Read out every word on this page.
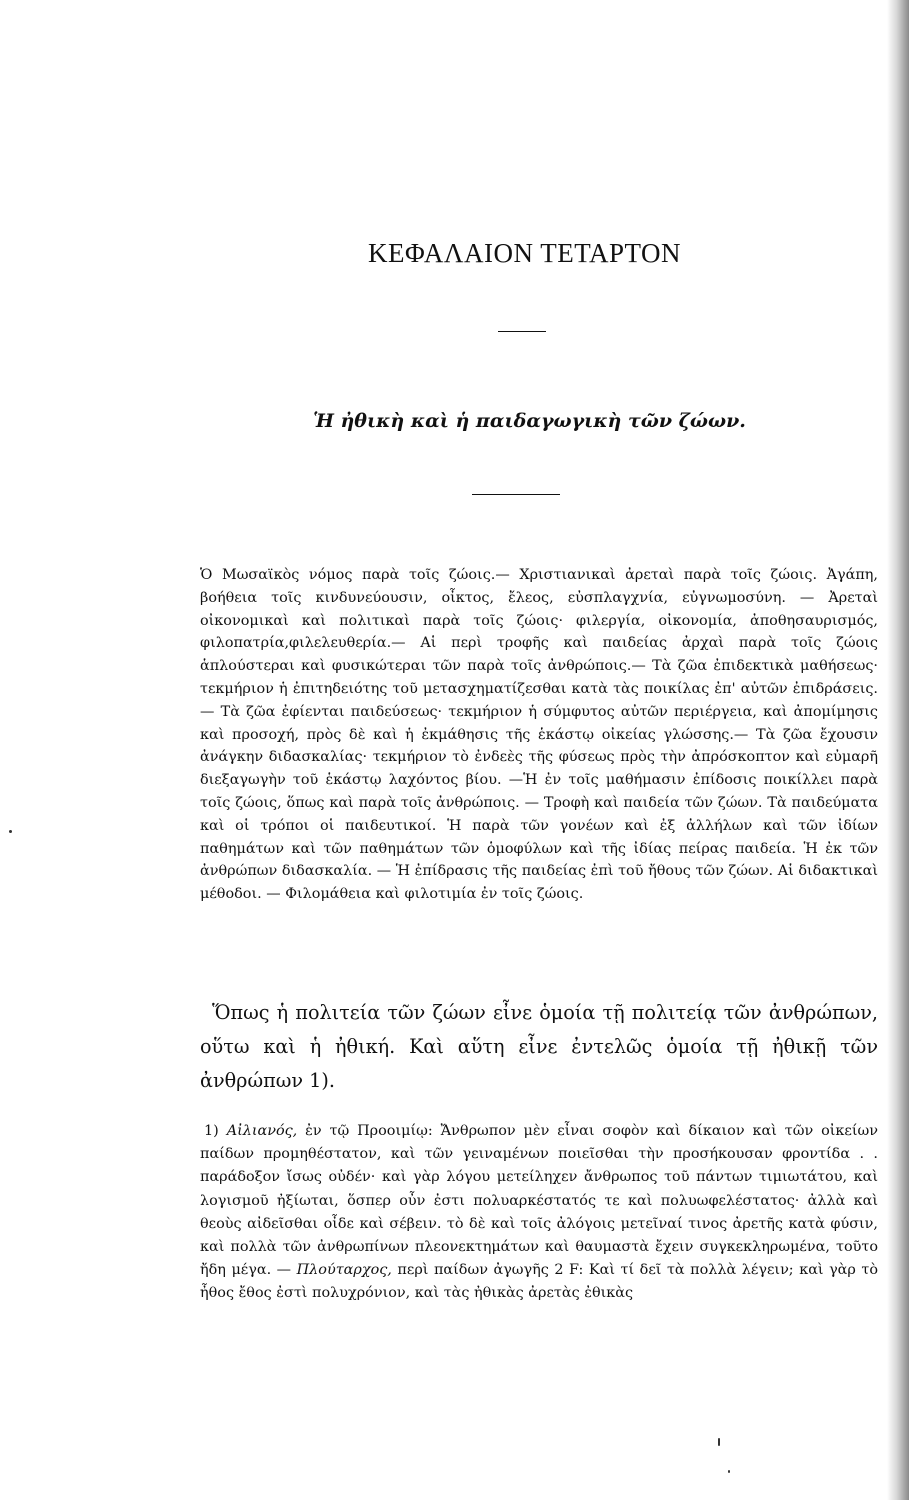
ΚΕΦΑΛΑΙΟΝ ΤΕΤΑΡΤΟΝ
Ἡ ἠθικὴ καὶ ἡ παιδαγωγικὴ τῶν ζώων.

Ὁ Μωσαϊκὸς νόμος παρὰ τοῖς ζώοις.— Χριστιανικαὶ ἀρεταὶ παρὰ τοῖς ζώοις. Ἀγάπη, βοήθεια τοῖς κινδυνεύουσιν, οἶκτος, ἔλεος, εὐσπλαγχνία, εὐγνωμοσύνη. — Ἀρεταὶ οἰκονομικαὶ καὶ πολιτικαὶ παρὰ τοῖς ζώοις· φιλεργία, οἰκονομία, ἀποθησαυρισμός, φιλοπατρία,φιλελευθερία.— Αἱ περὶ τροφῆς καὶ παιδείας ἀρχαὶ παρὰ τοῖς ζώοις ἁπλούστεραι καὶ φυσικώτεραι τῶν παρὰ τοῖς ἀνθρώποις.— Τὰ ζῶα ἐπιδεκτικὰ μαθήσεως· τεκμήριον ἡ ἐπιτηδειότης τοῦ μετασχηματίζεσθαι κατὰ τὰς ποικίλας ἐπ' αὐτῶν ἐπιδράσεις.— Τὰ ζῶα ἐφίενται παιδεύσεως· τεκμήριον ἡ σύμφυτος αὐτῶν περιέργεια, καὶ ἀπομίμησις καὶ προσοχή, πρὸς δὲ καὶ ἡ ἐκμάθησις τῆς ἑκάστῳ οἰκείας γλώσσης.— Τὰ ζῶα ἔχουσιν ἀνάγκην διδασκαλίας· τεκμήριον τὸ ἐνδεὲς τῆς φύσεως πρὸς τὴν ἀπρόσκοπτον καὶ εὐμαρῆ διεξαγωγὴν τοῦ ἑκάστῳ λαχόντος βίου. —Ἡ ἐν τοῖς μαθήμασιν ἐπίδοσις ποικίλλει παρὰ τοῖς ζώοις, ὅπως καὶ παρὰ τοῖς ἀνθρώποις. — Τροφὴ καὶ παιδεία τῶν ζώων. Τὰ παιδεύματα καὶ οἱ τρόποι οἱ παιδευτικοί. Ἡ παρὰ τῶν γονέων καὶ ἐξ ἀλλήλων καὶ τῶν ἰδίων παθημάτων καὶ τῶν παθημάτων τῶν ὁμοφύλων καὶ τῆς ἰδίας πείρας παιδεία. Ἡ ἐκ τῶν ἀνθρώπων διδασκαλία. — Ἡ ἐπίδρασις τῆς παιδείας ἐπὶ τοῦ ἤθους τῶν ζώων. Αἱ διδακτικαὶ μέθοδοι. — Φιλομάθεια καὶ φιλοτιμία ἐν τοῖς ζώοις.

Ὅπως ἡ πολιτεία τῶν ζώων εἶνε ὁμοία τῇ πολιτείᾳ τῶν ἀνθρώπων, οὕτω καὶ ἡ ἠθική. Καὶ αὕτη εἶνε ἐντελῶς ὁμοία τῇ ἠθικῇ τῶν ἀνθρώπων 1).

1) Αἰλιανός, ἐν τῷ Προοιμίῳ: Ἄνθρωπον μὲν εἶναι σοφὸν καὶ δίκαιον καὶ τῶν οἰκείων παίδων προμηθέστατον, καὶ τῶν γειναμένων ποιεῖσθαι τὴν προσήκουσαν φροντίδα . . παράδοξον ἴσως οὐδέν· καὶ γὰρ λόγου μετείληχεν ἄνθρωπος τοῦ πάντων τιμιωτάτου, καὶ λογισμοῦ ἠξίωται, ὅσπερ οὖν ἐστι πολυαρκέστατός τε καὶ πολυωφελέστατος· ἀλλὰ καὶ θεοὺς αἰδεῖσθαι οἶδε καὶ σέβειν. τὸ δὲ καὶ τοῖς ἀλόγοις μετεῖναί τινος ἀρετῆς κατὰ φύσιν, καὶ πολλὰ τῶν ἀνθρωπίνων πλεονεκτημάτων καὶ θαυμαστὰ ἔχειν συγκεκληρωμένα, τοῦτο ἤδη μέγα. — Πλούταρχος, περὶ παίδων ἀγωγῆς 2 F: Καὶ τί δεῖ τὰ πολλὰ λέγειν; καὶ γὰρ τὸ ἦθος ἔθος ἐστὶ πολυχρόνιον, καὶ τὰς ἠθικὰς ἀρετὰς ἐθικὰς
